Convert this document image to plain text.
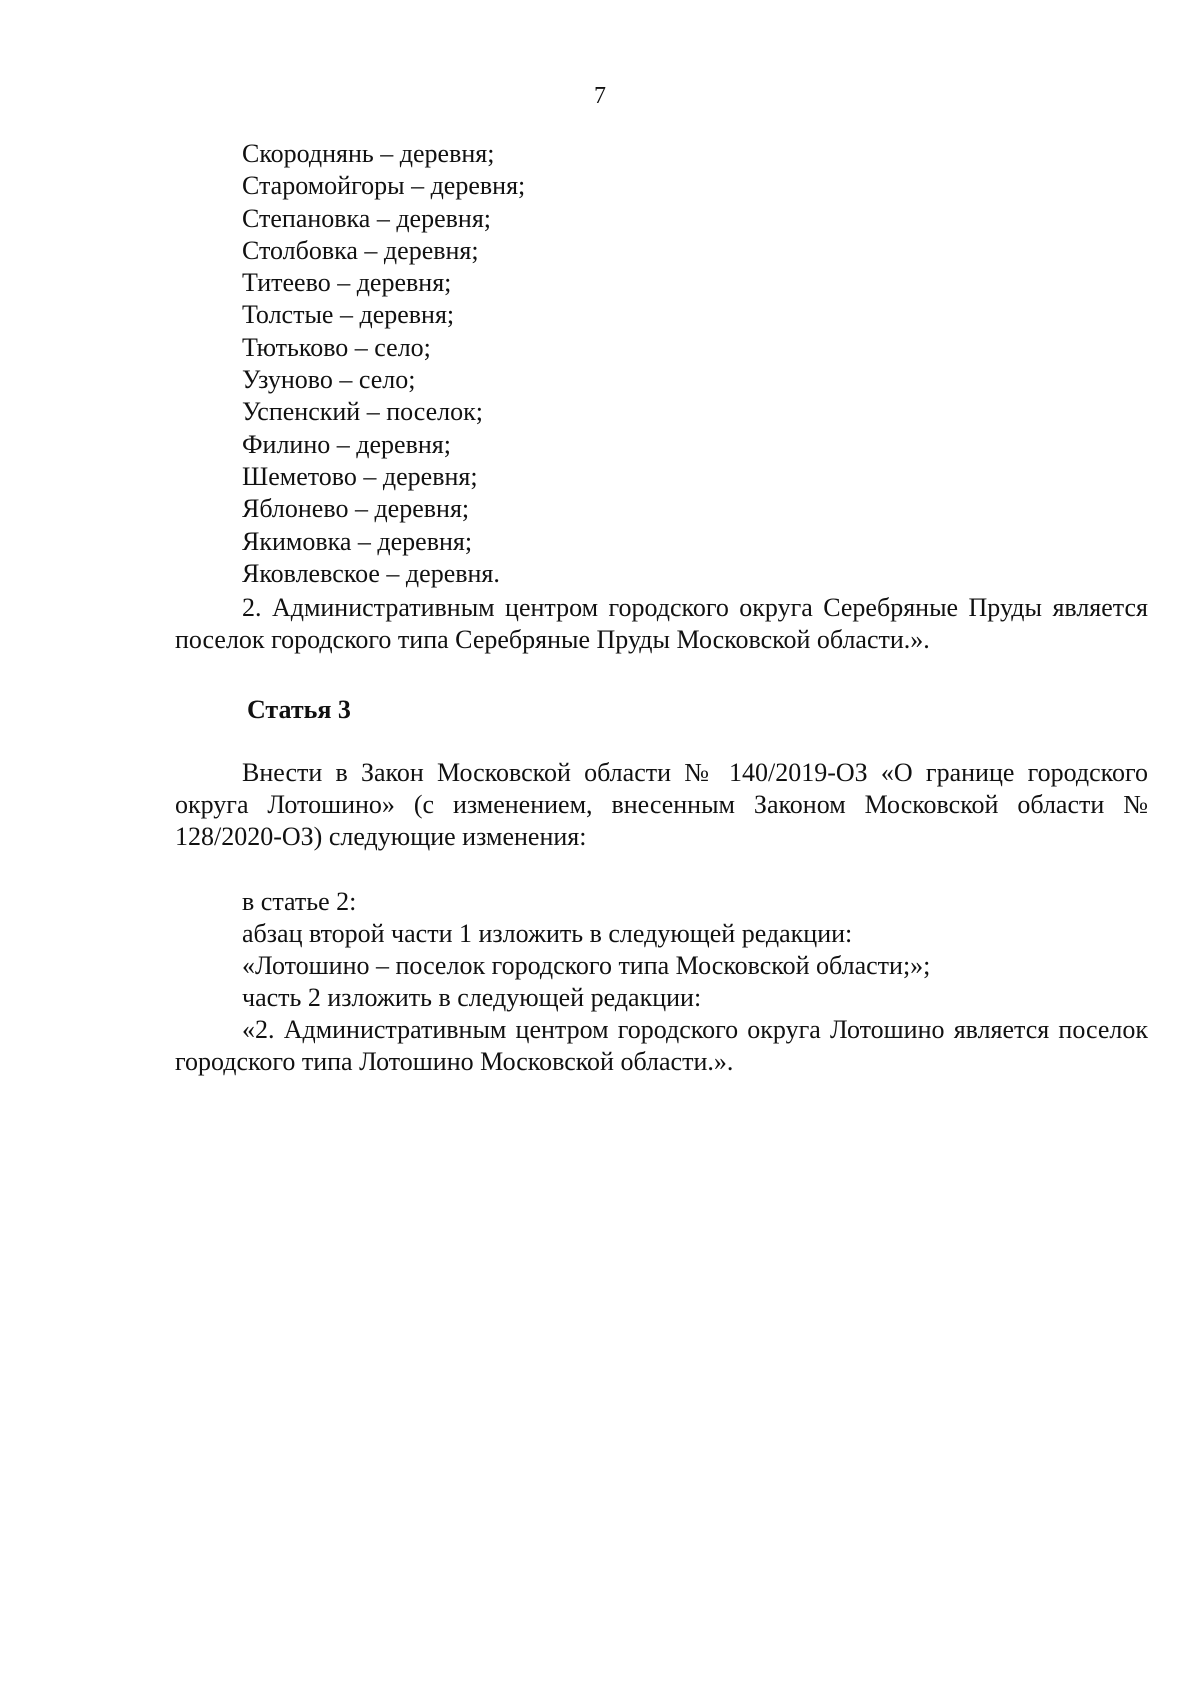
7
Скороднянь – деревня;
Старомойгоры – деревня;
Степановка – деревня;
Столбовка – деревня;
Титеево – деревня;
Толстые – деревня;
Тютьково – село;
Узуново – село;
Успенский – поселок;
Филино – деревня;
Шеметово – деревня;
Яблонево – деревня;
Якимовка – деревня;
Яковлевское – деревня.

2. Административным центром городского округа Серебряные Пруды является поселок городского типа Серебряные Пруды Московской области.».

Статья 3

Внести в Закон Московской области № 140/2019-ОЗ «О границе городского округа Лотошино» (с изменением, внесенным Законом Московской области № 128/2020-ОЗ) следующие изменения:

в статье 2:

абзац второй части 1 изложить в следующей редакции:

«Лотошино – поселок городского типа Московской области;»;

часть 2 изложить в следующей редакции:

«2. Административным центром городского округа Лотошино является поселок городского типа Лотошино Московской области.».
